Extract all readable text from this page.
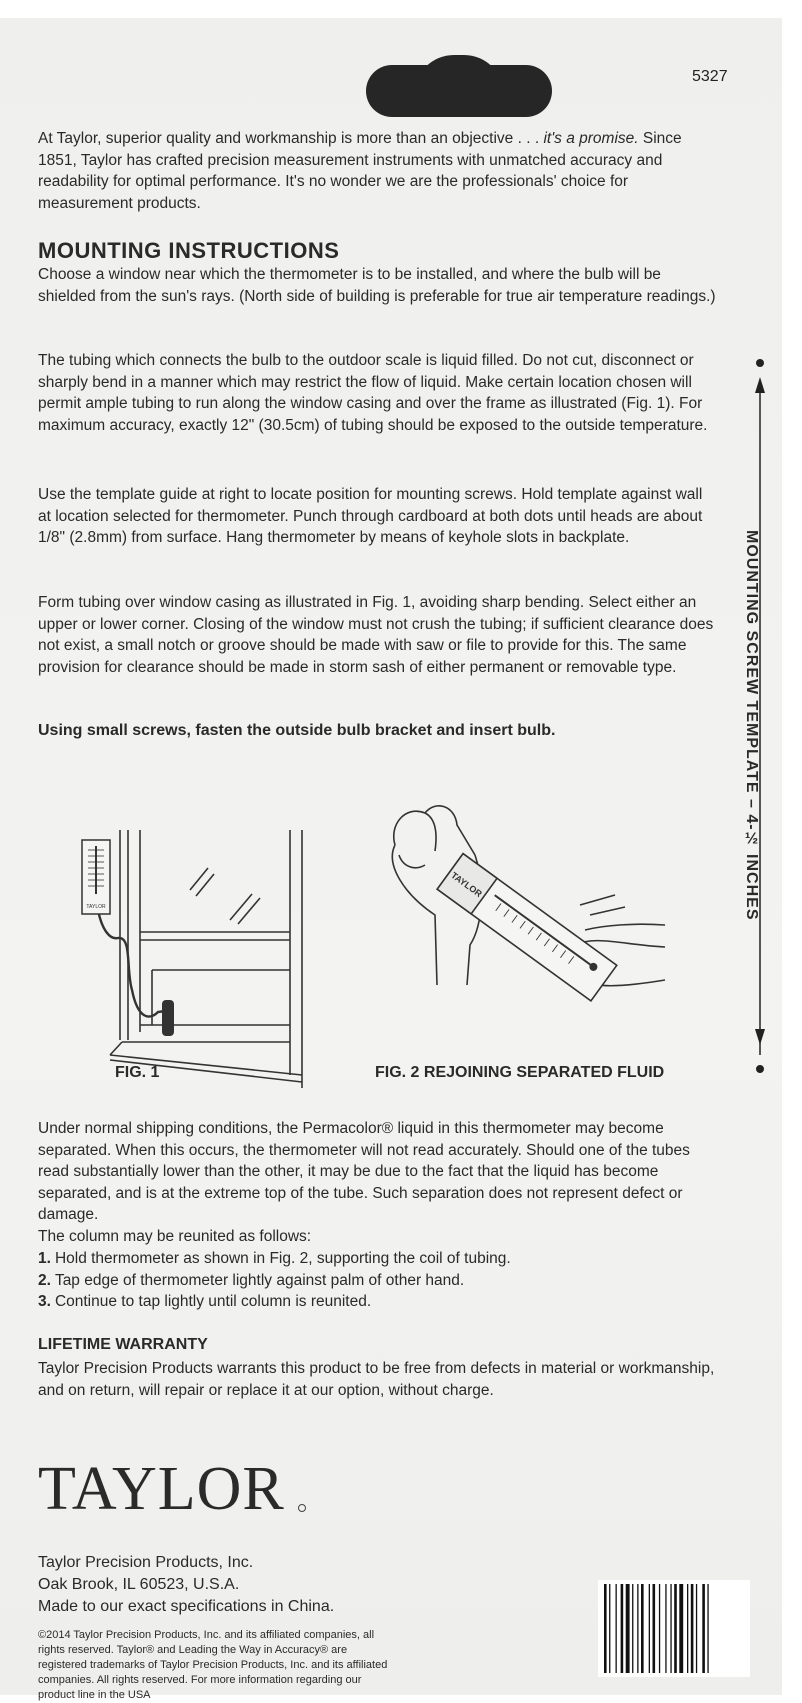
5327
At Taylor, superior quality and workmanship is more than an objective . . . it's a promise. Since 1851, Taylor has crafted precision measurement instruments with unmatched accuracy and readability for optimal performance. It's no wonder we are the professionals' choice for measurement products.
MOUNTING INSTRUCTIONS
Choose a window near which the thermometer is to be installed, and where the bulb will be shielded from the sun's rays. (North side of building is preferable for true air temperature readings.)
The tubing which connects the bulb to the outdoor scale is liquid filled. Do not cut, disconnect or sharply bend in a manner which may restrict the flow of liquid. Make certain location chosen will permit ample tubing to run along the window casing and over the frame as illustrated (Fig. 1). For maximum accuracy, exactly 12" (30.5cm) of tubing should be exposed to the outside temperature.
Use the template guide at right to locate position for mounting screws. Hold template against wall at location selected for thermometer. Punch through cardboard at both dots until heads are about 1/8" (2.8mm) from surface. Hang thermometer by means of keyhole slots in backplate.
Form tubing over window casing as illustrated in Fig. 1, avoiding sharp bending. Select either an upper or lower corner. Closing of the window must not crush the tubing; if sufficient clearance does not exist, a small notch or groove should be made with saw or file to provide for this. The same provision for clearance should be made in storm sash of either permanent or removable type.
Using small screws, fasten the outside bulb bracket and insert bulb.	MOUNTING SCREW TEMPLATE – 4-½ INCHES
TAYLOR
FIG. 1
TAYLOR
FIG. 2 REJOINING SEPARATED FLUID
Under normal shipping conditions, the Permacolor® liquid in this thermometer may become separated. When this occurs, the thermometer will not read accurately. Should one of the tubes read substantially lower than the other, it may be due to the fact that the liquid has become separated, and is at the extreme top of the tube. Such separation does not represent defect or damage.
The column may be reunited as follows:
1. Hold thermometer as shown in Fig. 2, supporting the coil of tubing.
2. Tap edge of thermometer lightly against palm of other hand.
3. Continue to tap lightly until column is reunited.
LIFETIME WARRANTY
Taylor Precision Products warrants this product to be free from defects in material or workmanship, and on return, will repair or replace it at our option, without charge.
TAYLOR
Taylor Precision Products, Inc.
Oak Brook, IL 60523, U.S.A.
Made to our exact specifications in China.
©2014 Taylor Precision Products, Inc. and its affiliated companies, all rights reserved. Taylor® and Leading the Way in Accuracy® are registered trademarks of Taylor Precision Products, Inc. and its affiliated companies. All rights reserved. For more information regarding our product line in the USA
